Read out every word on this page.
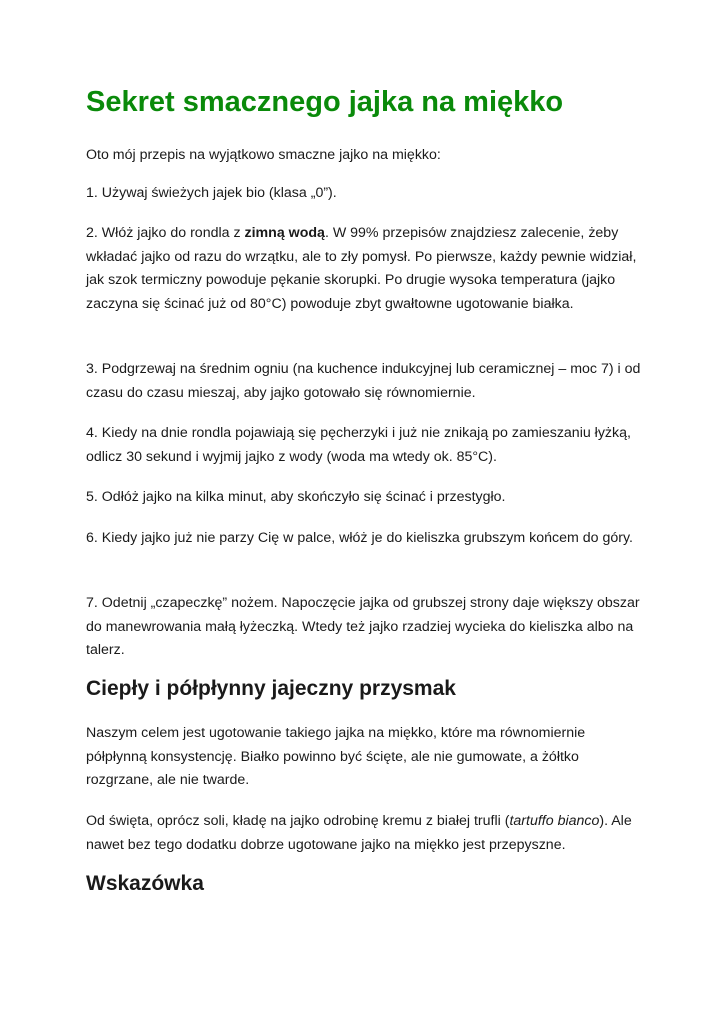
Sekret smacznego jajka na miękko

Oto mój przepis na wyjątkowo smaczne jajko na miękko:

1. Używaj świeżych jajek bio (klasa „0”).

2. Włóż jajko do rondla z zimną wodą. W 99% przepisów znajdziesz zalecenie, żeby wkładać jajko od razu do wrzątku, ale to zły pomysł. Po pierwsze, każdy pewnie widział, jak szok termiczny powoduje pękanie skorupki. Po drugie wysoka temperatura (jajko zaczyna się ścinać już od 80°C) powoduje zbyt gwałtowne ugotowanie białka.

3. Podgrzewaj na średnim ogniu (na kuchence indukcyjnej lub ceramicznej – moc 7) i od czasu do czasu mieszaj, aby jajko gotowało się równomiernie.

4. Kiedy na dnie rondla pojawiają się pęcherzyki i już nie znikają po zamieszaniu łyżką, odlicz 30 sekund i wyjmij jajko z wody (woda ma wtedy ok. 85°C).

5. Odłóż jajko na kilka minut, aby skończyło się ścinać i przestygło.

6. Kiedy jajko już nie parzy Cię w palce, włóż je do kieliszka grubszym końcem do góry.

7. Odetnij „czapeczkę” nożem. Napoczęcie jajka od grubszej strony daje większy obszar do manewrowania małą łyżeczką. Wtedy też jajko rzadziej wycieka do kieliszka albo na talerz.

Ciepły i półpłynny jajeczny przysmak

Naszym celem jest ugotowanie takiego jajka na miękko, które ma równomiernie półpłynną konsystencję. Białko powinno być ścięte, ale nie gumowate, a żółtko rozgrzane, ale nie twarde.

Od święta, oprócz soli, kładę na jajko odrobinę kremu z białej trufli (tartuffo bianco). Ale nawet bez tego dodatku dobrze ugotowane jajko na miękko jest przepyszne.

Wskazówka
